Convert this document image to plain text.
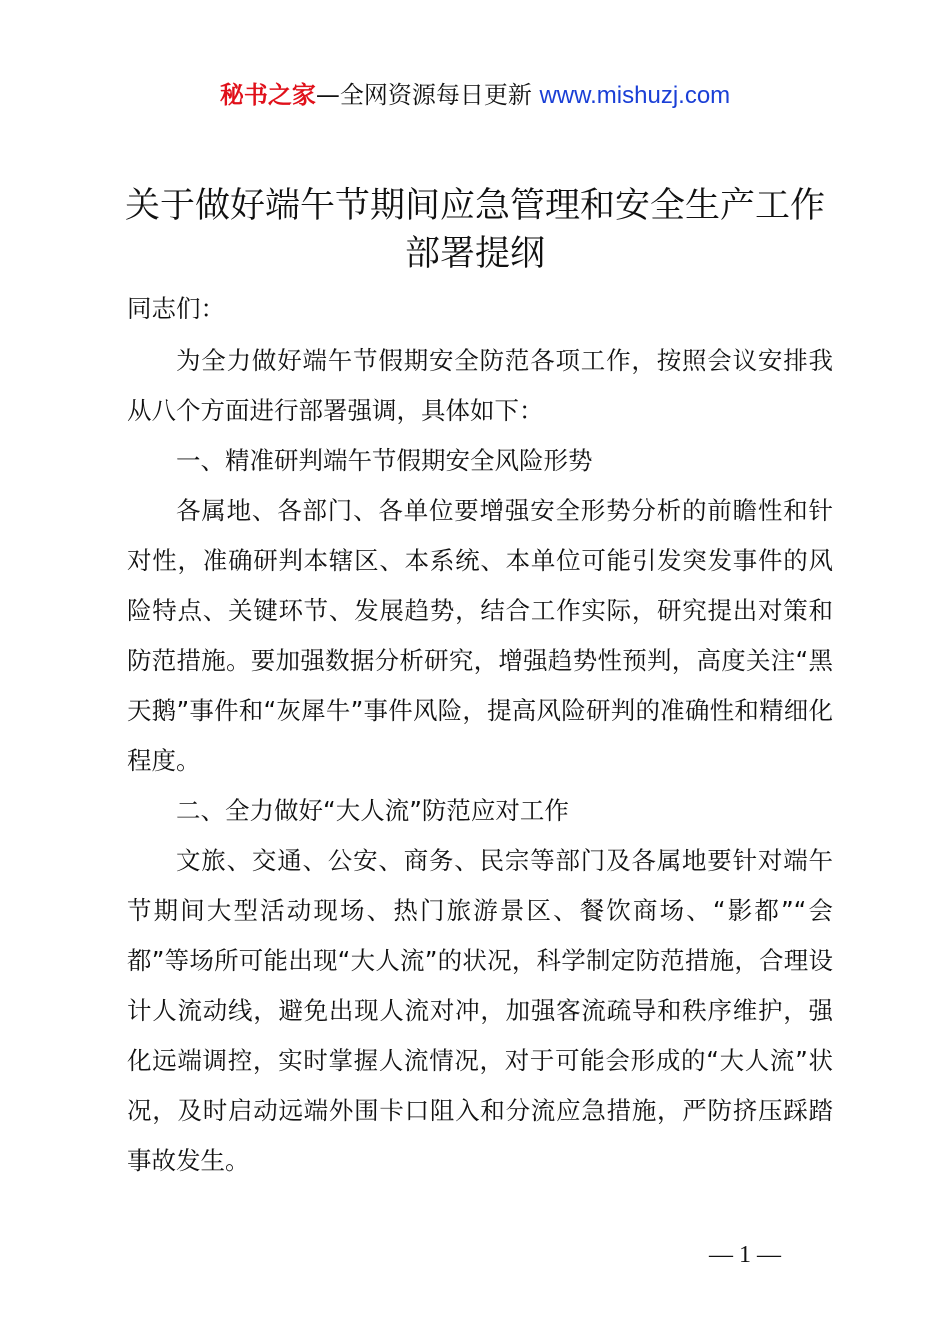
秘书之家—全网资源每日更新 www.mishuzj.com
关于做好端午节期间应急管理和安全生产工作
部署提纲

同志们：

为全力做好端午节假期安全防范各项工作，按照会议安排我从八个方面进行部署强调，具体如下：

一、精准研判端午节假期安全风险形势

各属地、各部门、各单位要增强安全形势分析的前瞻性和针对性，准确研判本辖区、本系统、本单位可能引发突发事件的风险特点、关键环节、发展趋势，结合工作实际，研究提出对策和防范措施。要加强数据分析研究，增强趋势性预判，高度关注“黑天鹅”事件和“灰犀牛”事件风险，提高风险研判的准确性和精细化程度。

二、全力做好“大人流”防范应对工作

文旅、交通、公安、商务、民宗等部门及各属地要针对端午节期间大型活动现场、热门旅游景区、餐饮商场、“影都”“会都”等场所可能出现“大人流”的状况，科学制定防范措施，合理设计人流动线，避免出现人流对冲，加强客流疏导和秩序维护，强化远端调控，实时掌握人流情况，对于可能会形成的“大人流”状况，及时启动远端外围卡口阻入和分流应急措施，严防挤压踩踏事故发生。

— 1 —
